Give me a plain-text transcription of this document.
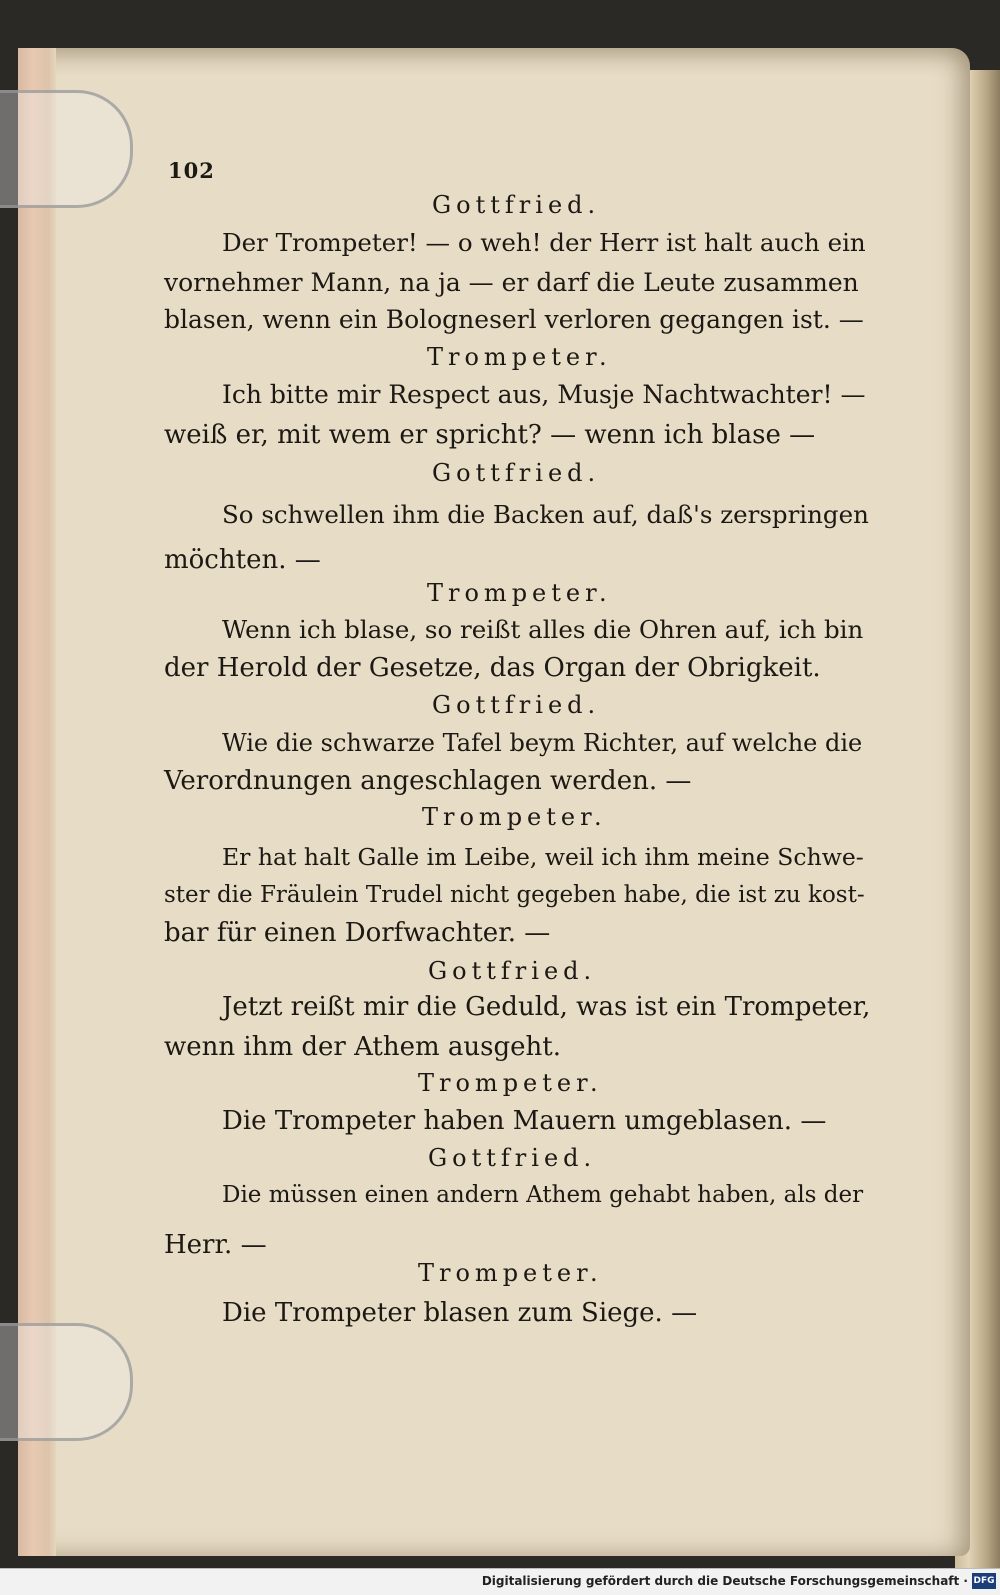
102
Gottfried.
Der Trompeter! — o weh! der Herr ist halt auch ein
vornehmer Mann, na ja — er darf die Leute zusammen
blasen, wenn ein Bologneserl verloren gegangen ist. —
Trompeter.
Ich bitte mir Respect aus, Musje Nachtwachter! —
weiß er, mit wem er spricht? — wenn ich blase —
Gottfried.
So schwellen ihm die Backen auf, daß's zerspringen
möchten. —
Trompeter.
Wenn ich blase, so reißt alles die Ohren auf, ich bin
der Herold der Gesetze, das Organ der Obrigkeit.
Gottfried.
Wie die schwarze Tafel beym Richter, auf welche die
Verordnungen angeschlagen werden. —
Trompeter.
Er hat halt Galle im Leibe, weil ich ihm meine Schwe-
ster die Fräulein Trudel nicht gegeben habe, die ist zu kost-
bar für einen Dorfwachter. —
Gottfried.
Jetzt reißt mir die Geduld, was ist ein Trompeter,
wenn ihm der Athem ausgeht.
Trompeter.
Die Trompeter haben Mauern umgeblasen. —
Gottfried.
Die müssen einen andern Athem gehabt haben, als der
Herr. —
Trompeter.
Die Trompeter blasen zum Siege. —
Digitalisierung gefördert durch die Deutsche Forschungsgemeinschaft · DFG
